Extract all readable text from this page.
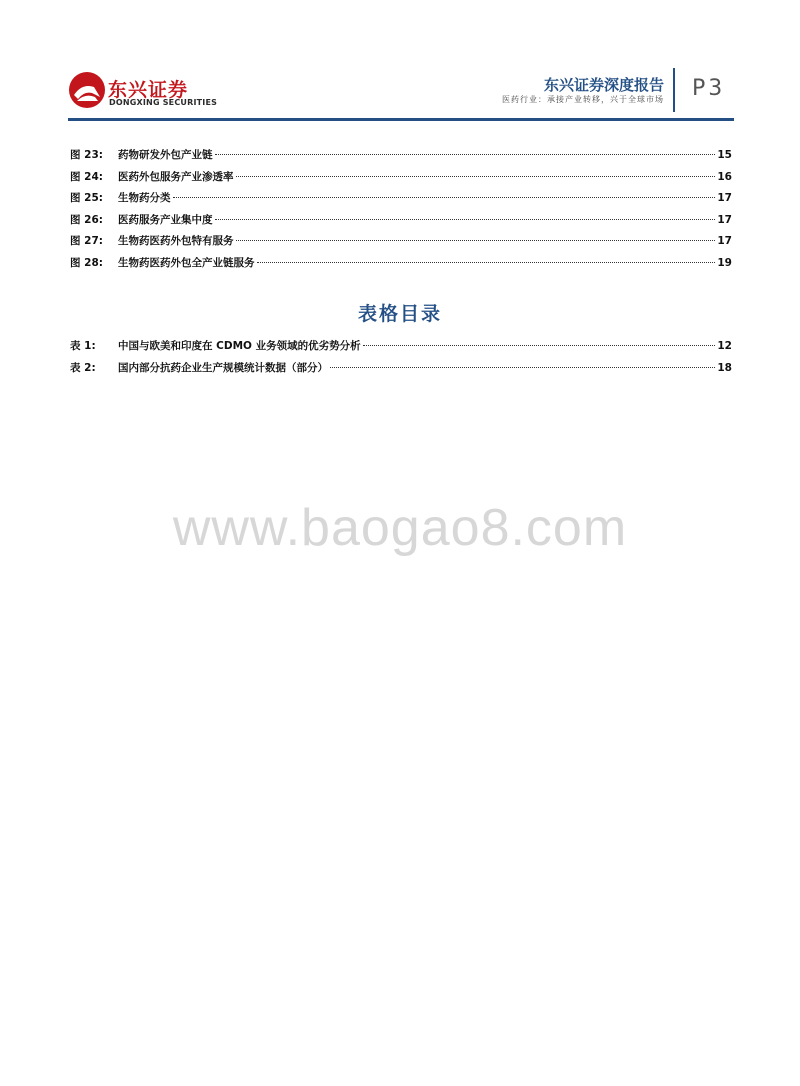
东兴证券
DONGXING SECURITIES
东兴证券深度报告
医药行业：承接产业转移，兴于全球市场 P3
图 23:	药物研发外包产业链	15
图 24:	医药外包服务产业渗透率	16
图 25:	生物药分类	17
图 26:	医药服务产业集中度	17
图 27:	生物药医药外包特有服务	17
图 28:	生物药医药外包全产业链服务	19
表格目录
表 1:	中国与欧美和印度在 CDMO 业务领域的优劣势分析	12
表 2:	国内部分抗药企业生产规模统计数据（部分）	18
www.baogao8.com
